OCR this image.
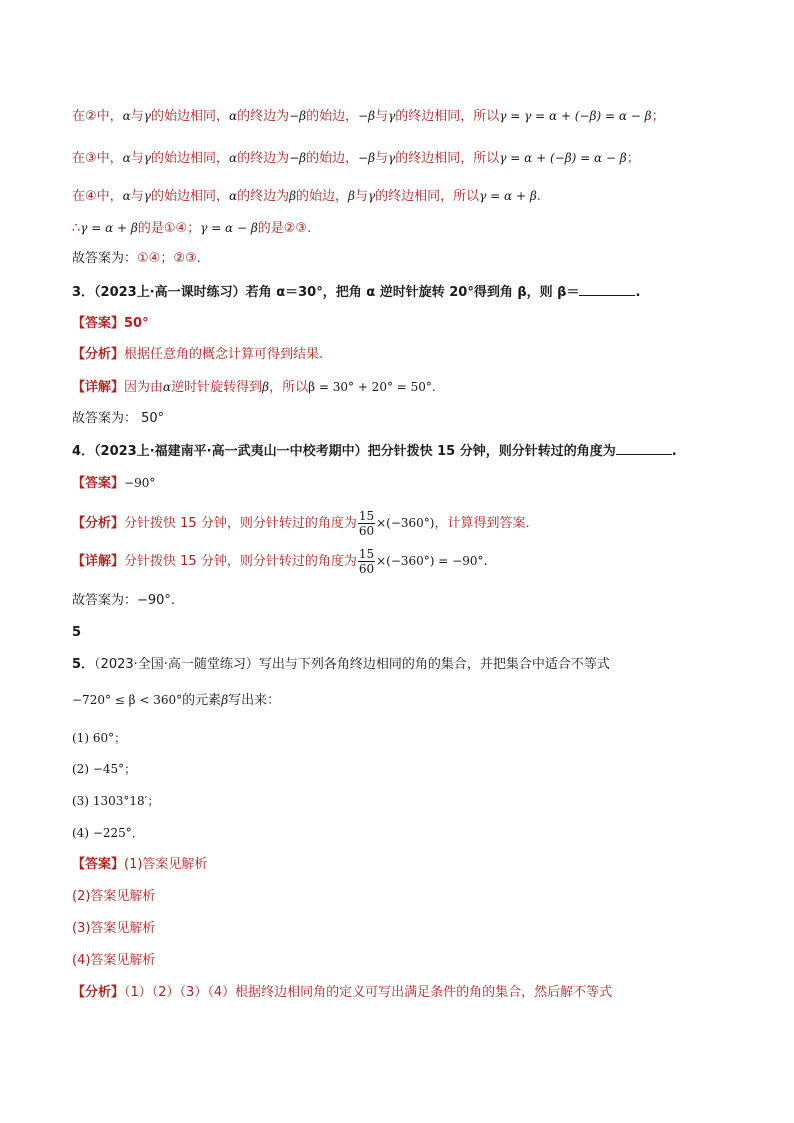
在②中，α与γ的始边相同，α的终边为−β的始边，−β与γ的终边相同，所以γ = γ = α + (−β) = α − β；
在③中，α与γ的始边相同，α的终边为−β的始边，−β与γ的终边相同，所以γ = α + (−β) = α − β；
在④中，α与γ的始边相同，α的终边为β的始边，β与γ的终边相同，所以γ = α + β.
∴γ = α + β的是①④；γ = α − β的是②③.
故答案为：①④；②③.
3．（2023上·高一课时练习）若角 α＝30°，把角 α 逆时针旋转 20°得到角 β，则 β＝	.
【答案】50°
【分析】根据任意角的概念计算可得到结果.
【详解】因为由α逆时针旋转得到β，所以β = 30° + 20° = 50°.
故答案为： 50°
4．（2023上·福建南平·高一武夷山一中校考期中）把分针拨快 15 分钟，则分针转过的角度为	.
【答案】−90°
【分析】分针拨快 15 分钟，则分针转过的角度为 $\frac{15}{60} \times(-360^\circ)$，计算得到答案.
【详解】分针拨快 15 分钟，则分针转过的角度为 $\frac{15}{60} \times(-360^\circ) = -90^\circ$.
故答案为：−90°.
5
5．（2023·全国·高一随堂练习）写出与下列各角终边相同的角的集合，并把集合中适合不等式
−720° ≤ β < 360°的元素β写出来：
(1) 60°；
(2) −45°；
(3) 1303°18′；
(4) −225°．
【答案】(1)答案见解析
(2)答案见解析
(3)答案见解析
(4)答案见解析
【分析】（1）（2）（3）（4）根据终边相同角的定义可写出满足条件的角的集合，然后解不等式
